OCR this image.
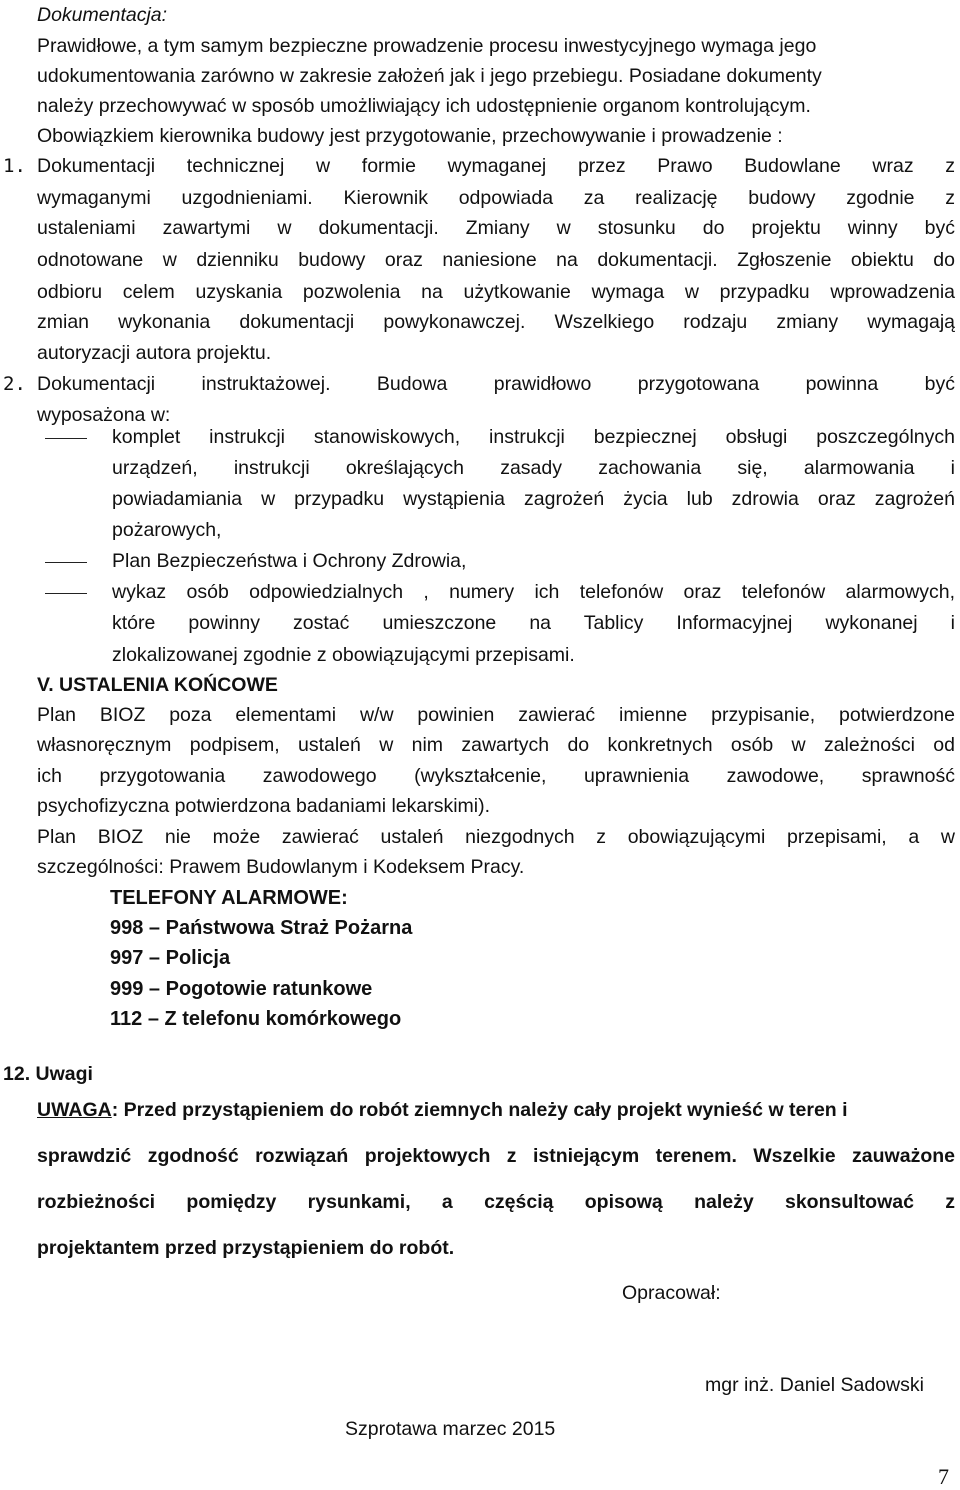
Dokumentacja:
Prawidłowe, a tym samym bezpieczne prowadzenie procesu inwestycyjnego wymaga jego
udokumentowania zarówno w zakresie założeń jak i jego przebiegu. Posiadane dokumenty
należy przechowywać w sposób umożliwiający ich udostępnienie organom kontrolującym.
Obowiązkiem kierownika budowy jest przygotowanie, przechowywanie i prowadzenie :
1. Dokumentacji technicznej w formie wymaganej przez Prawo Budowlane wraz z
wymaganymi uzgodnieniami. Kierownik odpowiada za realizację budowy zgodnie z
ustaleniami zawartymi w dokumentacji. Zmiany w stosunku do projektu winny być
odnotowane w dzienniku budowy oraz naniesione na dokumentacji. Zgłoszenie obiektu do
odbioru celem uzyskania pozwolenia na użytkowanie wymaga w przypadku wprowadzenia
zmian wykonania dokumentacji powykonawczej. Wszelkiego rodzaju zmiany wymagają
autoryzacji autora projektu.
2. Dokumentacji instruktażowej. Budowa prawidłowo przygotowana powinna być
wyposażona w:
komplet instrukcji stanowiskowych, instrukcji bezpiecznej obsługi poszczególnych
urządzeń, instrukcji określających zasady zachowania się, alarmowania i
powiadamiania w przypadku wystąpienia zagrożeń życia lub zdrowia oraz zagrożeń
pożarowych,
Plan Bezpieczeństwa i Ochrony Zdrowia,
wykaz osób odpowiedzialnych , numery ich telefonów oraz telefonów alarmowych,
które powinny zostać umieszczone na Tablicy Informacyjnej wykonanej i
zlokalizowanej zgodnie z obowiązującymi przepisami.
V. USTALENIA KOŃCOWE
Plan BIOZ poza elementami w/w powinien zawierać imienne przypisanie, potwierdzone
własnoręcznym podpisem, ustaleń w nim zawartych do konkretnych osób w zależności od
ich przygotowania zawodowego (wykształcenie, uprawnienia zawodowe, sprawność
psychofizyczna potwierdzona badaniami lekarskimi).
Plan BIOZ nie może zawierać ustaleń niezgodnych z obowiązującymi przepisami, a w
szczególności: Prawem Budowlanym i Kodeksem Pracy.
TELEFONY ALARMOWE:
998 – Państwowa Straż Pożarna
997 – Policja
999 – Pogotowie ratunkowe
112 – Z telefonu komórkowego
12. Uwagi
UWAGA: Przed przystąpieniem do robót ziemnych należy cały projekt wynieść w teren i
sprawdzić zgodność rozwiązań projektowych z istniejącym terenem. Wszelkie zauważone
rozbieżności pomiędzy rysunkami, a częścią opisową należy skonsultować z
projektantem przed przystąpieniem do robót.
Opracował:
mgr inż. Daniel Sadowski
Szprotawa marzec 2015
7
